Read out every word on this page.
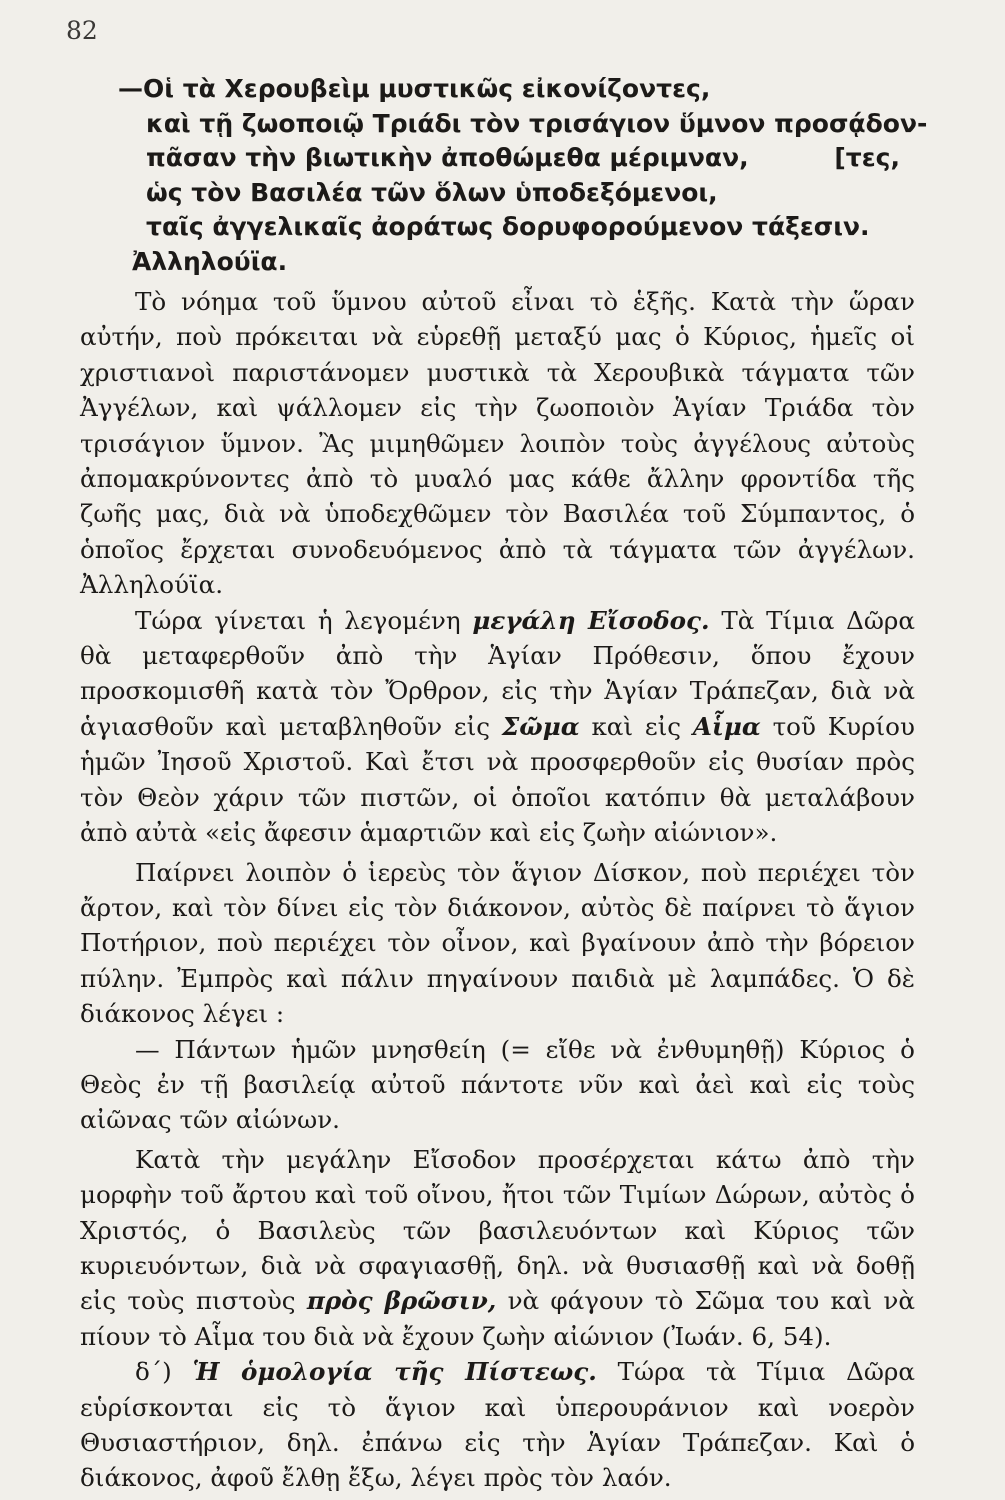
82
—Οἱ τὰ Χερουβεὶμ μυστικῶς εἰκονίζοντες,
καὶ τῇ ζωοποιῷ Τριάδι τὸν τρισάγιον ὕμνον προσᾴδον-
πᾶσαν τὴν βιωτικὴν ἀποθώμεθα μέριμναν,	[τες,
ὡς τὸν Βασιλέα τῶν ὅλων ὑποδεξόμενοι,
ταῖς ἀγγελικαῖς ἀοράτως δορυφορούμενον τάξεσιν.
Ἀλληλούϊα.

Τὸ νόημα τοῦ ὕμνου αὐτοῦ εἶναι τὸ ἑξῆς. Κατὰ τὴν ὥραν αὐτήν, ποὺ πρόκειται νὰ εὑρεθῇ μεταξύ μας ὁ Κύριος, ἡμεῖς οἱ χριστιανοὶ παριστάνομεν μυστικὰ τὰ Χερουβικὰ τάγματα τῶν Ἀγγέλων, καὶ ψάλλομεν εἰς τὴν ζωοποιὸν Ἁγίαν Τριάδα τὸν τρισάγιον ὕμνον. Ἂς μιμηθῶμεν λοιπὸν τοὺς ἀγγέλους αὐτοὺς ἀπομακρύνοντες ἀπὸ τὸ μυαλό μας κάθε ἄλλην φροντίδα τῆς ζωῆς μας, διὰ νὰ ὑποδεχθῶμεν τὸν Βασιλέα τοῦ Σύμπαντος, ὁ ὁποῖος ἔρχεται συνοδευόμενος ἀπὸ τὰ τάγματα τῶν ἀγγέλων. Ἀλληλούϊα.

Τώρα γίνεται ἡ λεγομένη μεγάλη Εἴσοδος. Τὰ Τίμια Δῶρα θὰ μεταφερθοῦν ἀπὸ τὴν Ἁγίαν Πρόθεσιν, ὅπου ἔχουν προσκομισθῆ κατὰ τὸν Ὄρθρον, εἰς τὴν Ἁγίαν Τράπεζαν, διὰ νὰ ἁγιασθοῦν καὶ μεταβληθοῦν εἰς Σῶμα καὶ εἰς Αἷμα τοῦ Κυρίου ἡμῶν Ἰησοῦ Χριστοῦ. Καὶ ἔτσι νὰ προσφερθοῦν εἰς θυσίαν πρὸς τὸν Θεὸν χάριν τῶν πιστῶν, οἱ ὁποῖοι κατόπιν θὰ μεταλάβουν ἀπὸ αὐτὰ «εἰς ἄφεσιν ἁμαρτιῶν καὶ εἰς ζωὴν αἰώνιον».

Παίρνει λοιπὸν ὁ ἱερεὺς τὸν ἅγιον Δίσκον, ποὺ περιέχει τὸν ἄρτον, καὶ τὸν δίνει εἰς τὸν διάκονον, αὐτὸς δὲ παίρνει τὸ ἅγιον Ποτήριον, ποὺ περιέχει τὸν οἶνον, καὶ βγαίνουν ἀπὸ τὴν βόρειον πύλην. Ἐμπρὸς καὶ πάλιν πηγαίνουν παιδιὰ μὲ λαμπάδες. Ὁ δὲ διάκονος λέγει :

— Πάντων ἡμῶν μνησθείη (= εἴθε νὰ ἐνθυμηθῇ) Κύριος ὁ Θεὸς ἐν τῇ βασιλείᾳ αὐτοῦ πάντοτε νῦν καὶ ἀεὶ καὶ εἰς τοὺς αἰῶνας τῶν αἰώνων.

Κατὰ τὴν μεγάλην Εἴσοδον προσέρχεται κάτω ἀπὸ τὴν μορφὴν τοῦ ἄρτου καὶ τοῦ οἴνου, ἤτοι τῶν Τιμίων Δώρων, αὐτὸς ὁ Χριστός, ὁ Βασιλεὺς τῶν βασιλευόντων καὶ Κύριος τῶν κυριευόντων, διὰ νὰ σφαγιασθῇ, δηλ. νὰ θυσιασθῇ καὶ νὰ δοθῇ εἰς τοὺς πιστοὺς πρὸς βρῶσιν, νὰ φάγουν τὸ Σῶμα του καὶ νὰ πίουν τὸ Αἷμα του διὰ νὰ ἔχουν ζωὴν αἰώνιον (Ἰωάν. 6, 54).

δ΄) Ἡ ὁμολογία τῆς Πίστεως. Τώρα τὰ Τίμια Δῶρα εὑρίσκονται εἰς τὸ ἅγιον καὶ ὑπερουράνιον καὶ νοερὸν Θυσιαστήριον, δηλ. ἐπάνω εἰς τὴν Ἁγίαν Τράπεζαν. Καὶ ὁ διάκονος, ἀφοῦ ἔλθῃ ἔξω, λέγει πρὸς τὸν λαόν.
